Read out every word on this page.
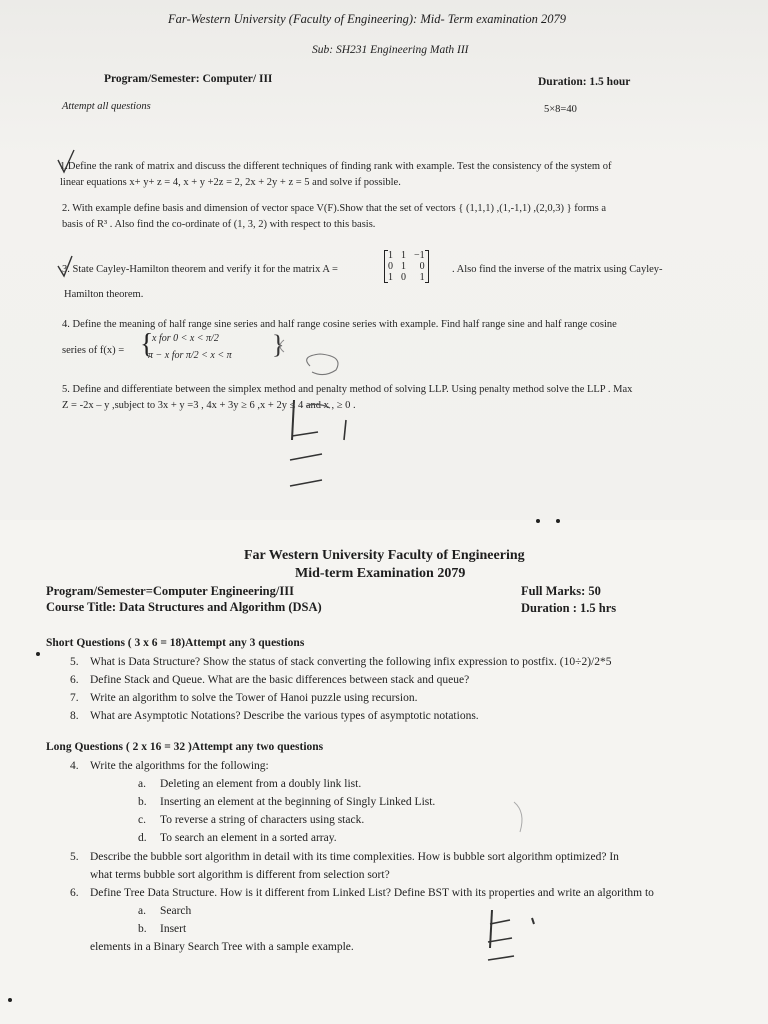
Far-Western University (Faculty of Engineering): Mid- Term examination 2079
Sub: SH231 Engineering Math III
Program/Semester: Computer/ III	Duration: 1.5 hour
Attempt all questions	5×8=40
1.Define the rank of matrix and discuss the different techniques of finding rank with example. Test the consistency of the system of
linear equations x+ y+ z = 4, x + y +2z = 2, 2x + 2y + z = 5 and solve if possible.
2. With example define basis and dimension of vector space V(F).Show that the set of vectors { (1,1,1) ,(1,-1,1) ,(2,0,3) } forms a
basis of R³ . Also find the co-ordinate of (1, 3, 2) with respect to this basis.
3. State Cayley-Hamilton theorem and verify it for the matrix A =
1	1	−1
0	1	0
1	0	1
. Also find the inverse of the matrix using Cayley-
Hamilton theorem.
4. Define the meaning of half range sine series and half range cosine series with example. Find half range sine and half range cosine
series of f(x) = {
x for 0 < x < π/2
π − x for π/2 < x < π }
5. Define and differentiate between the simplex method and penalty method of solving LLP. Using penalty method solve the LLP . Max
Z = -2x – y ,subject to 3x + y =3 , 4x + 3y ≥ 6 ,x + 2y ≤ 4 and x , ≥ 0 .
Far Western University Faculty of Engineering
Mid-term Examination 2079
Program/Semester=Computer Engineering/III	Full Marks: 50
Course Title: Data Structures and Algorithm (DSA)	Duration : 1.5 hrs
Short Questions ( 3 x 6 = 18)Attempt any 3 questions
5. What is Data Structure? Show the status of stack converting the following infix expression to postfix. (10÷2)/2*5
6. Define Stack and Queue. What are the basic differences between stack and queue?
7. Write an algorithm to solve the Tower of Hanoi puzzle using recursion.
8. What are Asymptotic Notations? Describe the various types of asymptotic notations.
Long Questions ( 2 x 16 = 32 )Attempt any two questions
4. Write the algorithms for the following:
a.	Deleting an element from a doubly link list.
b.	Inserting an element at the beginning of Singly Linked List.
c.	To reverse a string of characters using stack.
d.	To search an element in a sorted array.
5. Describe the bubble sort algorithm in detail with its time complexities. How is bubble sort algorithm optimized? In
what terms bubble sort algorithm is different from selection sort?
6. Define Tree Data Structure. How is it different from Linked List? Define BST with its properties and write an algorithm to
a.	Search
b.	Insert
elements in a Binary Search Tree with a sample example.
